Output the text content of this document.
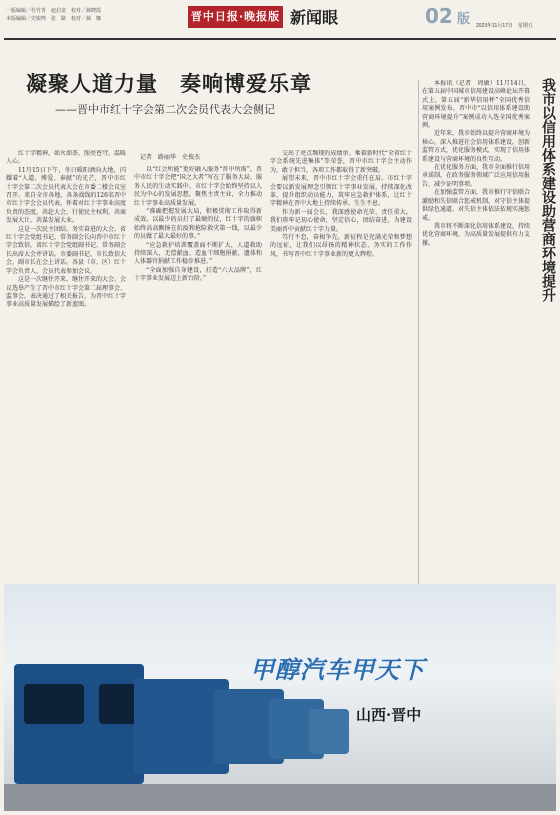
一版编辑／杜竹青　赵启龙　校对／郝晓霞
本版编辑／史锐鸣　张　路　校对／郝　娜	晋中日报·晚报版 新闻眼	02 版 2023年11月17日　星期五
凝聚人道力量　奏响博爱乐章
——晋中市红十字会第二次会员代表大会侧记

红十字精神，如火如荼，照亮苍穹，温暖人心。

11月15日下午，冬日暖阳洒向大地，闪耀着“人道、博爱、奉献”的光芒，晋中市红十字会第二次会员代表大会在市委二楼会议室召开。来自全市各地、各条战线的126名晋中市红十字会会员代表，怀着对红十字事业高度负责的态度，共赴大会，行使民主权利，共商发展大计，共谋发展大业。

这是一次民主团结、务实奋进的大会。省红十字会党组书记、常务副会长向晋中市红十字会致信，省红十字会党组副书记、常务副会长出席大会并讲话。市委副书记、市长致信大会，副市长在会上讲话。各县（市、区）红十字会负责人，会员代表参加会议。

这是一次继往开来、继往开来的大会。会议选举产生了晋中市红十字会第二届理事会、监事会，表决通过了相关报告，为晋中红十字事业高质量发展描绘了新蓝图。

记者　路丽华　史俊杰

以“红会所能”更好融入服务“晋中所需”，晋中市红十字会把“国之大者”写在了服务大局、服务人民的生动实践中。市红十字会始终坚持以人民为中心的发展思想，聚焦主责主业，全力推动红十字事业高质量发展。

“准确把握发展大局，积极贯彻工作取得新成效。以最少的员打了最硬的仗，红十字的旗帜始终高高飘扬在抗疫和抢险救灾第一线，以最少的员做了最大最好的事。”

“应急救护培训覆盖面不断扩大，人道救助持续深入，无偿献血、造血干细胞捐献、遗体和人体器官捐献工作稳步推进。”

“全面加强自身建设，打造“六大品牌”，红十字事业发展迈上新台阶。”

交出了亮点频现的成绩单。乘着新时代“全省红十字会系统先进集体”等荣誉，晋中市红十字会主动作为，敢于担当，各项工作都取得了新突破。

展望未来，晋中市红十字会重任在肩。市红十字会要以新发展理念引领红十字事业发展，持续深化改革，提升组织动员能力，筑牢应急救护体系，让红十字精神在晋中大地上持续传承、生生不息。

作为新一届会长，我深感使命光荣、责任重大。我们将牢记初心使命，坚定信心，团结奋进，为建设美丽晋中贡献红十字力量。

笃行不怠，奋楫争先。新征程是充满光荣和梦想的远征，让我们以昂扬的精神状态、务实的工作作风，书写晋中红十字事业新的更大辉煌。

本报讯（记者　周敏）11月14日，在第五届中国城市信用建设高峰论坛开幕式上，第五届“新华信用杯”全国优秀信用案例发布，晋中市“以信用体系建设助营商环境提升”案例成功入选全国优秀案例。

近年来，我市始终以提升营商环境为核心，深入推进社会信用体系建设，创新监管方式，优化服务模式，实现了信用体系建设与营商环境的良性互动。

在优化服务方面，我市全面推行信用承诺制，在政务服务领域广泛应用信用报告，减少证明事项。

在加强监管方面，我市推行守信联合激励和失信联合惩戒机制，对守信主体提供绿色通道，对失信主体依法依规实施惩戒。

我市将不断深化信用体系建设，持续优化营商环境，为高质量发展提供有力支撑。	我市以信用体系建设助营商环境提升
甲醇汽车甲天下
山西·晋中
